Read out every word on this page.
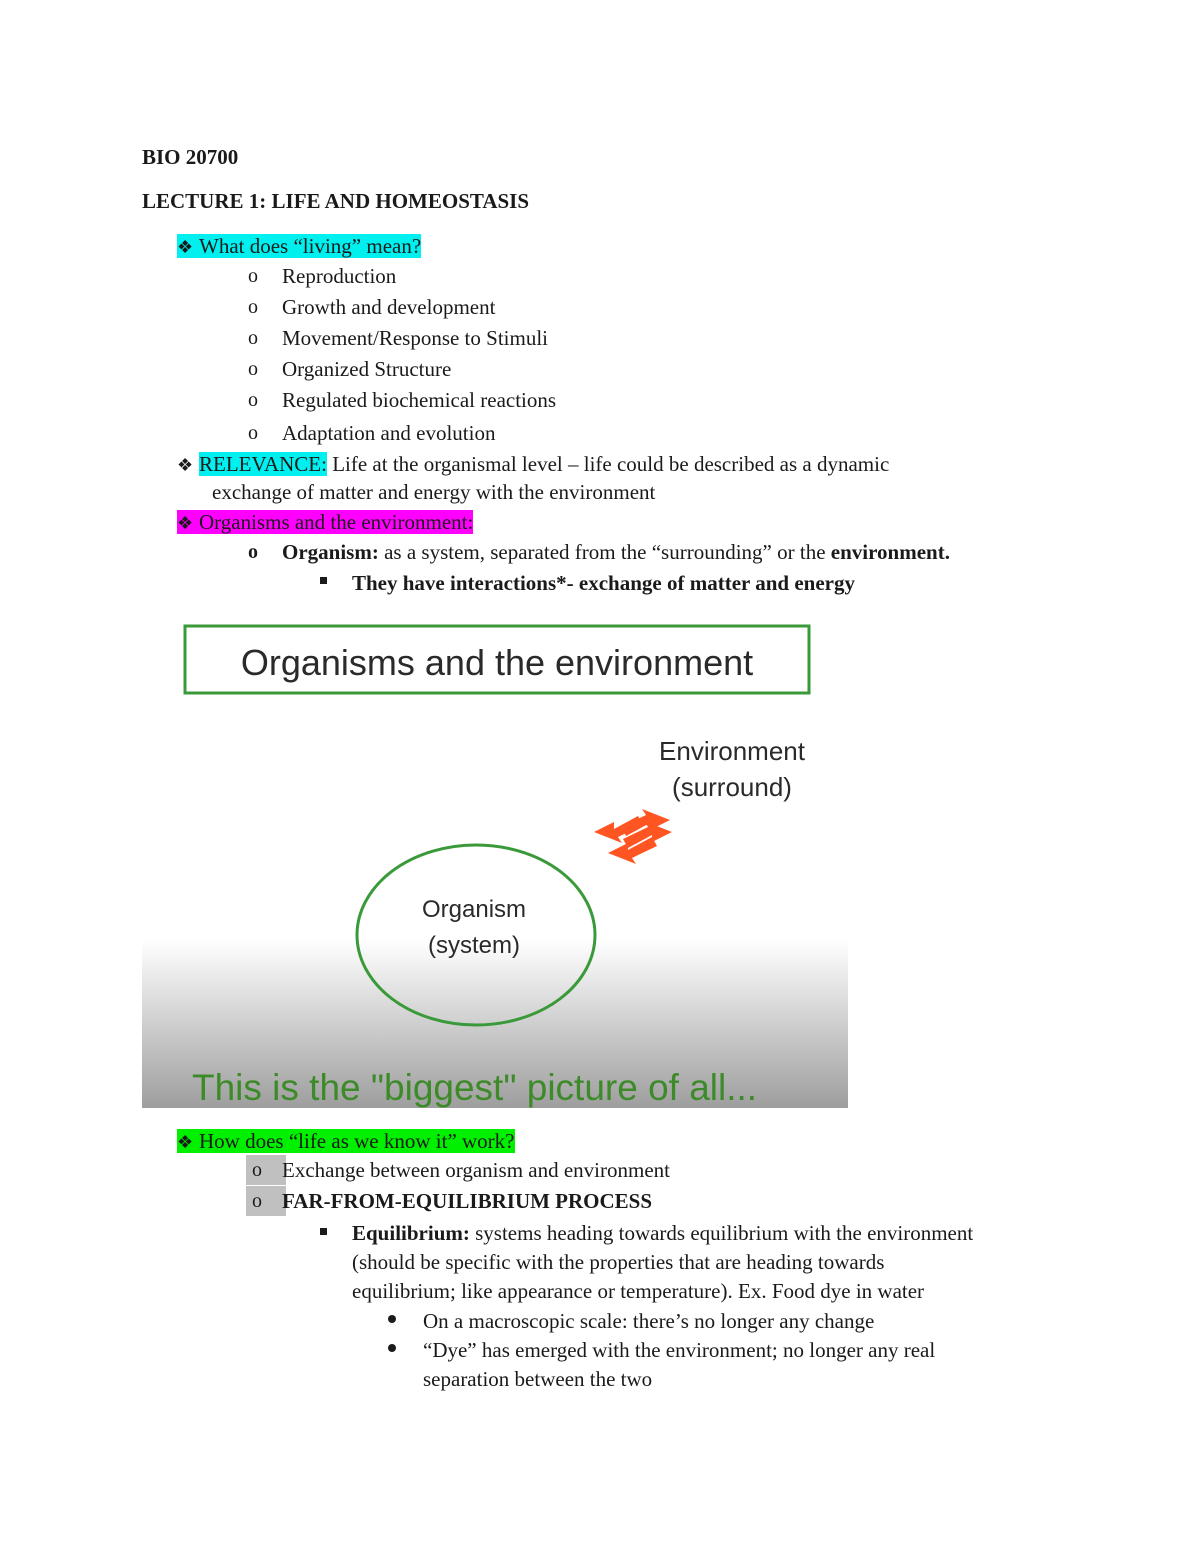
BIO 20700
LECTURE 1: LIFE AND HOMEOSTASIS
❖ What does “living” mean?
o Reproduction
o Growth and development
o Movement/Response to Stimuli
o Organized Structure
o Regulated biochemical reactions
o Adaptation and evolution
❖ RELEVANCE: Life at the organismal level – life could be described as a dynamic
exchange of matter and energy with the environment
❖ Organisms and the environment:
o Organism: as a system, separated from the “surrounding” or the environment.
They have interactions*- exchange of matter and energy
Organisms and the environment
Environment
(surround)
Organism
(system)
This is the "biggest" picture of all...
❖ How does “life as we know it” work?
o Exchange between organism and environment
o FAR-FROM-EQUILIBRIUM PROCESS
Equilibrium: systems heading towards equilibrium with the environment
(should be specific with the properties that are heading towards
equilibrium; like appearance or temperature). Ex. Food dye in water
On a macroscopic scale: there’s no longer any change
“Dye” has emerged with the environment; no longer any real
separation between the two
